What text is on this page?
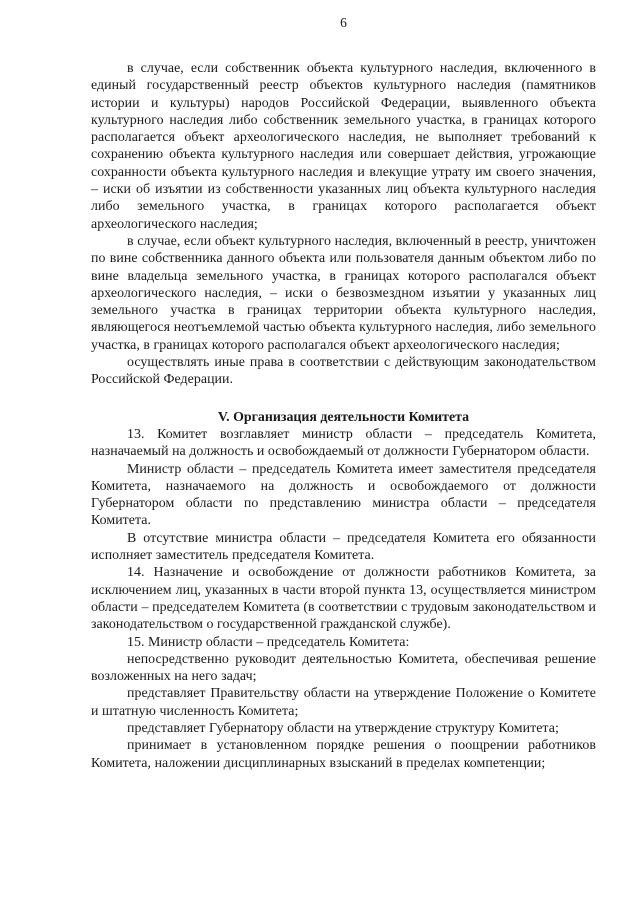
6

в случае, если собственник объекта культурного наследия, включенного в единый государственный реестр объектов культурного наследия (памятников истории и культуры) народов Российской Федерации, выявленного объекта культурного наследия либо собственник земельного участка, в границах которого располагается объект археологического наследия, не выполняет требований к сохранению объекта культурного наследия или совершает действия, угрожающие сохранности объекта культурного наследия и влекущие утрату им своего значения, – иски об изъятии из собственности указанных лиц объекта культурного наследия либо земельного участка, в границах которого располагается объект археологического наследия;

в случае, если объект культурного наследия, включенный в реестр, уничтожен по вине собственника данного объекта или пользователя данным объектом либо по вине владельца земельного участка, в границах которого располагался объект археологического наследия, – иски о безвозмездном изъятии у указанных лиц земельного участка в границах территории объекта культурного наследия, являющегося неотъемлемой частью объекта культурного наследия, либо земельного участка, в границах которого располагался объект археологического наследия;

осуществлять иные права в соответствии с действующим законодательством Российской Федерации.

V. Организация деятельности Комитета

13. Комитет возглавляет министр области – председатель Комитета, назначаемый на должность и освобождаемый от должности Губернатором области.

Министр области – председатель Комитета имеет заместителя председателя Комитета, назначаемого на должность и освобождаемого от должности Губернатором области по представлению министра области – председателя Комитета.

В отсутствие министра области – председателя Комитета его обязанности исполняет заместитель председателя Комитета.

14. Назначение и освобождение от должности работников Комитета, за исключением лиц, указанных в части второй пункта 13, осуществляется министром области – председателем Комитета (в соответствии с трудовым законодательством и законодательством о государственной гражданской службе).

15. Министр области – председатель Комитета:

непосредственно руководит деятельностью Комитета, обеспечивая решение возложенных на него задач;

представляет Правительству области на утверждение Положение о Комитете и штатную численность Комитета;

представляет Губернатору области на утверждение структуру Комитета;

принимает в установленном порядке решения о поощрении работников Комитета, наложении дисциплинарных взысканий в пределах компетенции;
